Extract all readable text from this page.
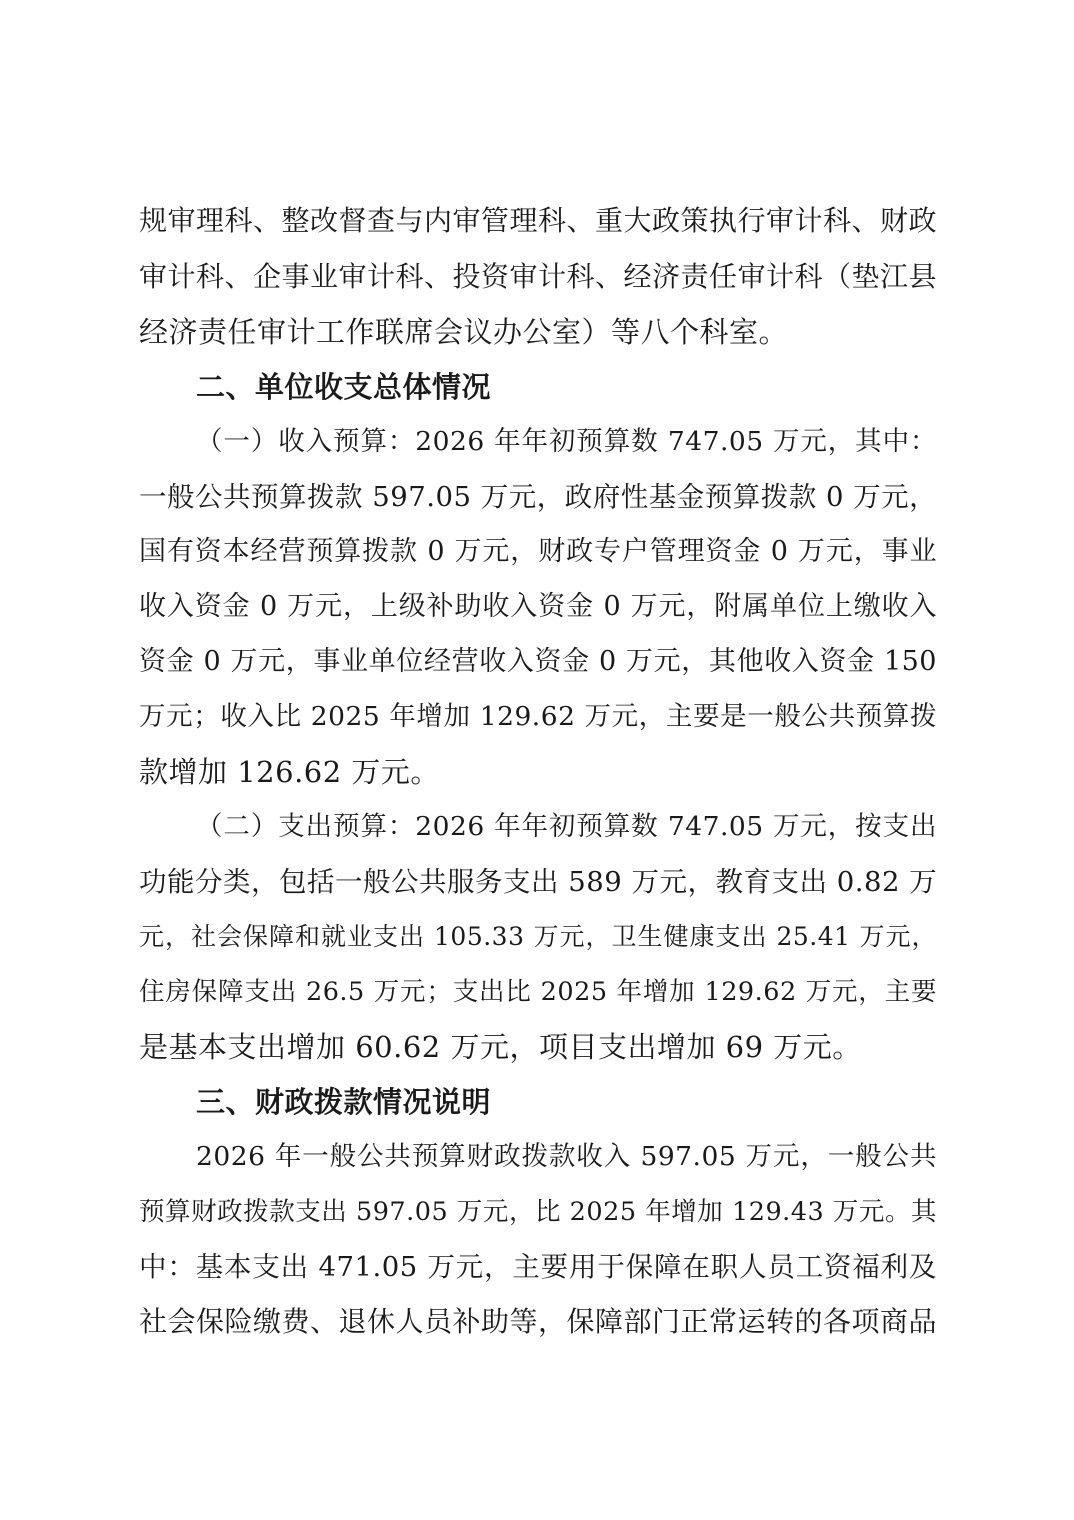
规审理科、整改督查与内审管理科、重大政策执行审计科、财政

审计科、企事业审计科、投资审计科、经济责任审计科（垫江县

经济责任审计工作联席会议办公室）等八个科室。

二、单位收支总体情况

（一）收入预算：2026 年年初预算数 747.05 万元，其中：

一般公共预算拨款 597.05 万元，政府性基金预算拨款 0 万元，

国有资本经营预算拨款 0 万元，财政专户管理资金 0 万元，事业

收入资金 0 万元，上级补助收入资金 0 万元，附属单位上缴收入

资金 0 万元，事业单位经营收入资金 0 万元，其他收入资金 150

万元；收入比 2025 年增加 129.62 万元，主要是一般公共预算拨

款增加 126.62 万元。

（二）支出预算：2026 年年初预算数 747.05 万元，按支出

功能分类，包括一般公共服务支出 589 万元，教育支出 0.82 万

元，社会保障和就业支出 105.33 万元，卫生健康支出 25.41 万元，

住房保障支出 26.5 万元；支出比 2025 年增加 129.62 万元，主要

是基本支出增加 60.62 万元，项目支出增加 69 万元。

三、财政拨款情况说明

2026 年一般公共预算财政拨款收入 597.05 万元，一般公共

预算财政拨款支出 597.05 万元，比 2025 年增加 129.43 万元。其

中：基本支出 471.05 万元，主要用于保障在职人员工资福利及

社会保险缴费、退休人员补助等，保障部门正常运转的各项商品
